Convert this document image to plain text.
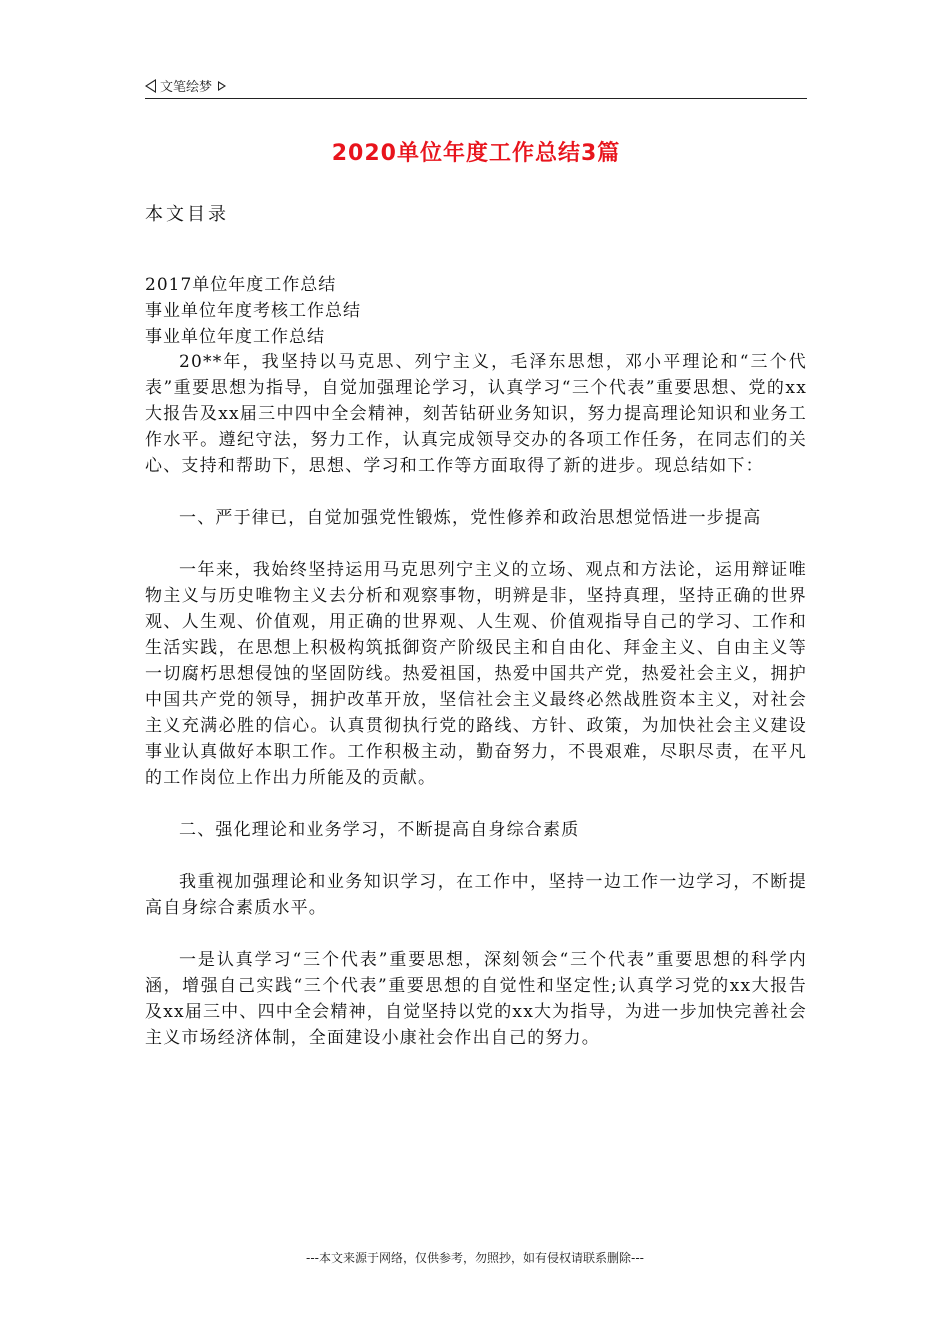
文笔绘梦
2020单位年度工作总结3篇
本文目录
2017单位年度工作总结
事业单位年度考核工作总结
事业单位年度工作总结

20**年，我坚持以马克思、列宁主义，毛泽东思想，邓小平理论和“三个代表”重要思想为指导，自觉加强理论学习，认真学习“三个代表”重要思想、党的xx大报告及xx届三中四中全会精神，刻苦钻研业务知识，努力提高理论知识和业务工作水平。遵纪守法，努力工作，认真完成领导交办的各项工作任务，在同志们的关心、支持和帮助下，思想、学习和工作等方面取得了新的进步。现总结如下：

一、严于律已，自觉加强党性锻炼，党性修养和政治思想觉悟进一步提高

一年来，我始终坚持运用马克思列宁主义的立场、观点和方法论，运用辩证唯物主义与历史唯物主义去分析和观察事物，明辨是非，坚持真理，坚持正确的世界观、人生观、价值观，用正确的世界观、人生观、价值观指导自己的学习、工作和生活实践，在思想上积极构筑抵御资产阶级民主和自由化、拜金主义、自由主义等一切腐朽思想侵蚀的坚固防线。热爱祖国，热爱中国共产党，热爱社会主义，拥护中国共产党的领导，拥护改革开放，坚信社会主义最终必然战胜资本主义，对社会主义充满必胜的信心。认真贯彻执行党的路线、方针、政策，为加快社会主义建设事业认真做好本职工作。工作积极主动，勤奋努力，不畏艰难，尽职尽责，在平凡的工作岗位上作出力所能及的贡献。

二、强化理论和业务学习，不断提高自身综合素质

我重视加强理论和业务知识学习，在工作中，坚持一边工作一边学习，不断提高自身综合素质水平。

一是认真学习“三个代表”重要思想，深刻领会“三个代表”重要思想的科学内涵，增强自己实践“三个代表”重要思想的自觉性和坚定性;认真学习党的xx大报告及xx届三中、四中全会精神，自觉坚持以党的xx大为指导，为进一步加快完善社会主义市场经济体制，全面建设小康社会作出自己的努力。

---本文来源于网络，仅供参考，勿照抄，如有侵权请联系删除---
